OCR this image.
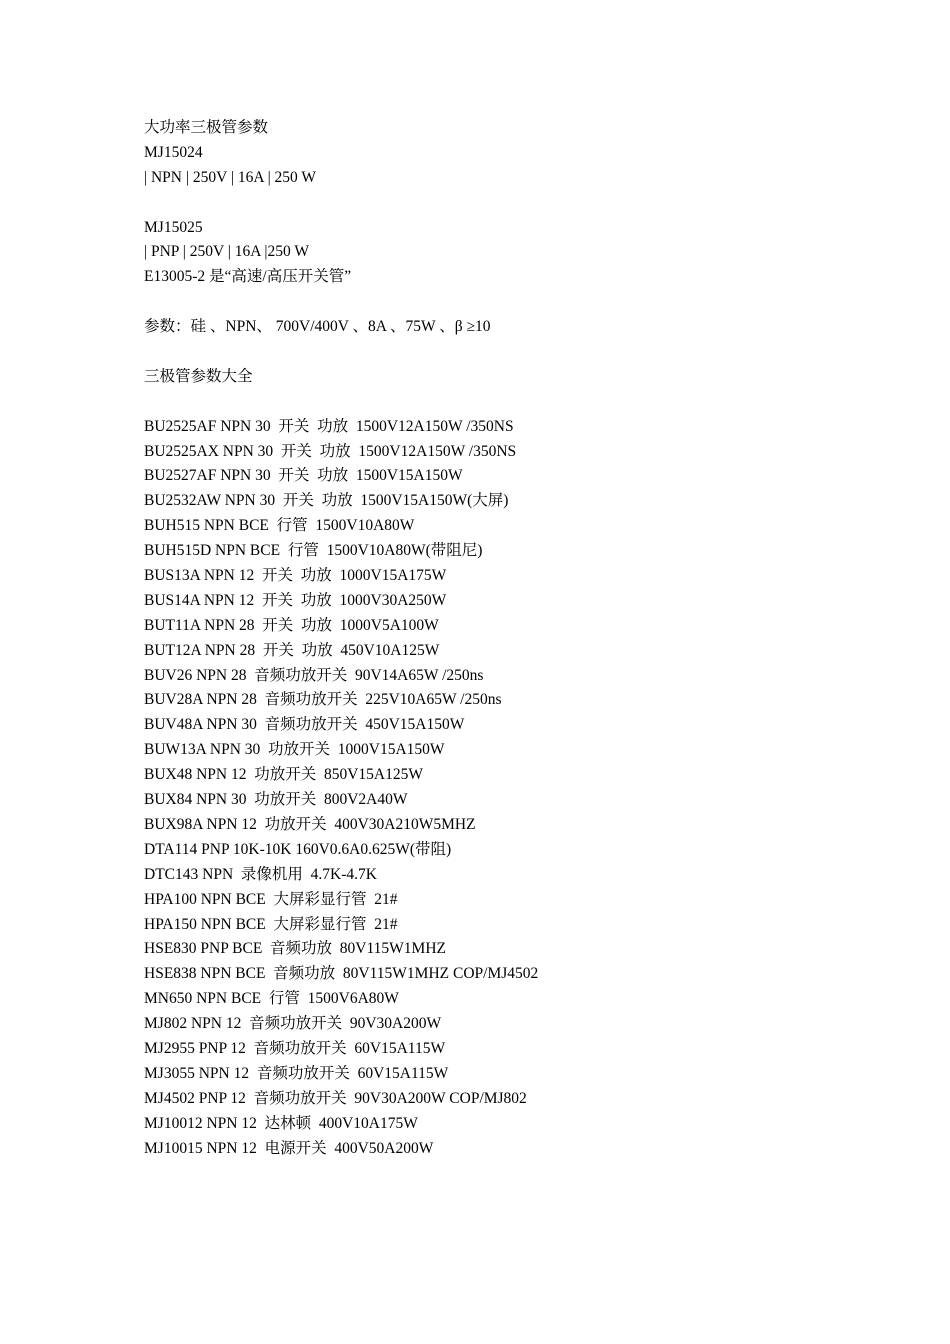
大功率三极管参数
MJ15024
| NPN | 250V | 16A | 250 W
MJ15025
| PNP | 250V | 16A |250 W
E13005-2 是“高速/高压开关管”
参数：硅 、NPN、 700V/400V 、8A 、75W 、β ≥10
三极管参数大全
BU2525AF NPN 30  开关  功放  1500V12A150W /350NS
BU2525AX NPN 30  开关  功放  1500V12A150W /350NS
BU2527AF NPN 30  开关  功放  1500V15A150W
BU2532AW NPN 30  开关  功放  1500V15A150W(大屏)
BUH515 NPN BCE  行管  1500V10A80W
BUH515D NPN BCE  行管  1500V10A80W(带阻尼)
BUS13A NPN 12  开关  功放  1000V15A175W
BUS14A NPN 12  开关  功放  1000V30A250W
BUT11A NPN 28  开关  功放  1000V5A100W
BUT12A NPN 28  开关  功放  450V10A125W
BUV26 NPN 28  音频功放开关  90V14A65W /250ns
BUV28A NPN 28  音频功放开关  225V10A65W /250ns
BUV48A NPN 30  音频功放开关  450V15A150W
BUW13A NPN 30  功放开关  1000V15A150W
BUX48 NPN 12  功放开关  850V15A125W
BUX84 NPN 30  功放开关  800V2A40W
BUX98A NPN 12  功放开关  400V30A210W5MHZ
DTA114 PNP 10K-10K 160V0.6A0.625W(带阻)
DTC143 NPN  录像机用  4.7K-4.7K
HPA100 NPN BCE  大屏彩显行管  21#
HPA150 NPN BCE  大屏彩显行管  21#
HSE830 PNP BCE  音频功放  80V115W1MHZ
HSE838 NPN BCE  音频功放  80V115W1MHZ COP/MJ4502
MN650 NPN BCE  行管  1500V6A80W
MJ802 NPN 12  音频功放开关  90V30A200W
MJ2955 PNP 12  音频功放开关  60V15A115W
MJ3055 NPN 12  音频功放开关  60V15A115W
MJ4502 PNP 12  音频功放开关  90V30A200W COP/MJ802
MJ10012 NPN 12  达林顿  400V10A175W
MJ10015 NPN 12  电源开关  400V50A200W
